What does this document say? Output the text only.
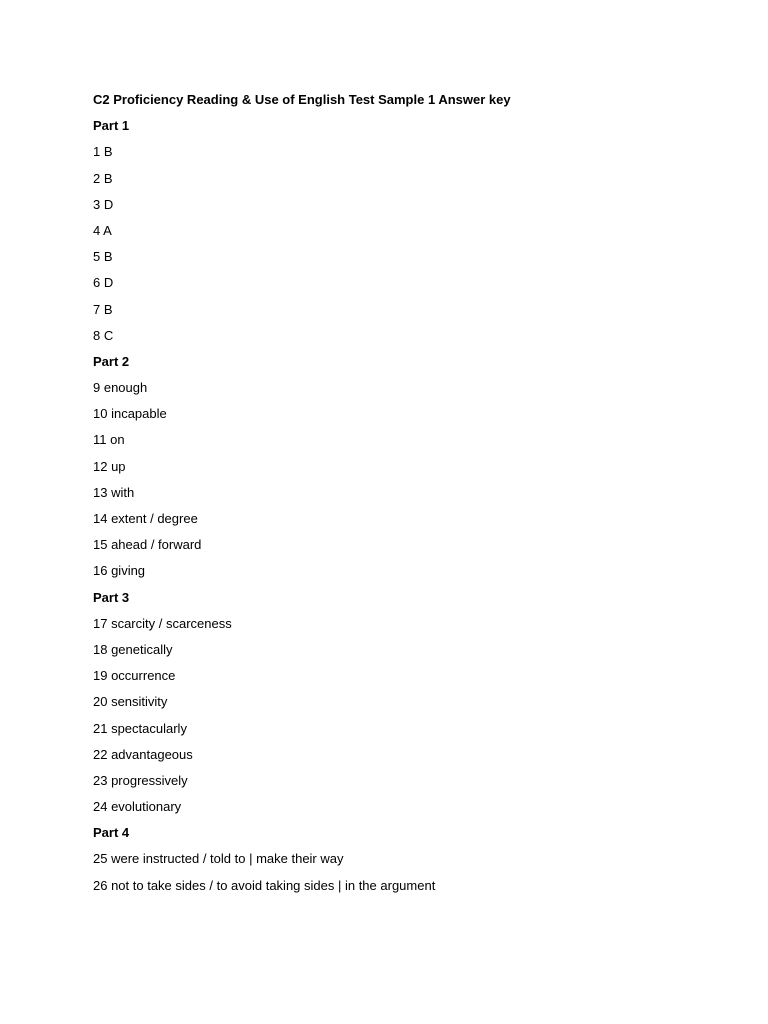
C2 Proficiency Reading & Use of English Test Sample 1 Answer key
Part 1
1 B
2 B
3 D
4 A
5 B
6 D
7 B
8 C
Part 2
9 enough
10 incapable
11 on
12 up
13 with
14 extent / degree
15 ahead / forward
16 giving
Part 3
17 scarcity / scarceness
18 genetically
19 occurrence
20 sensitivity
21 spectacularly
22 advantageous
23 progressively
24 evolutionary
Part 4
25 were instructed / told to | make their way
26 not to take sides / to avoid taking sides | in the argument
